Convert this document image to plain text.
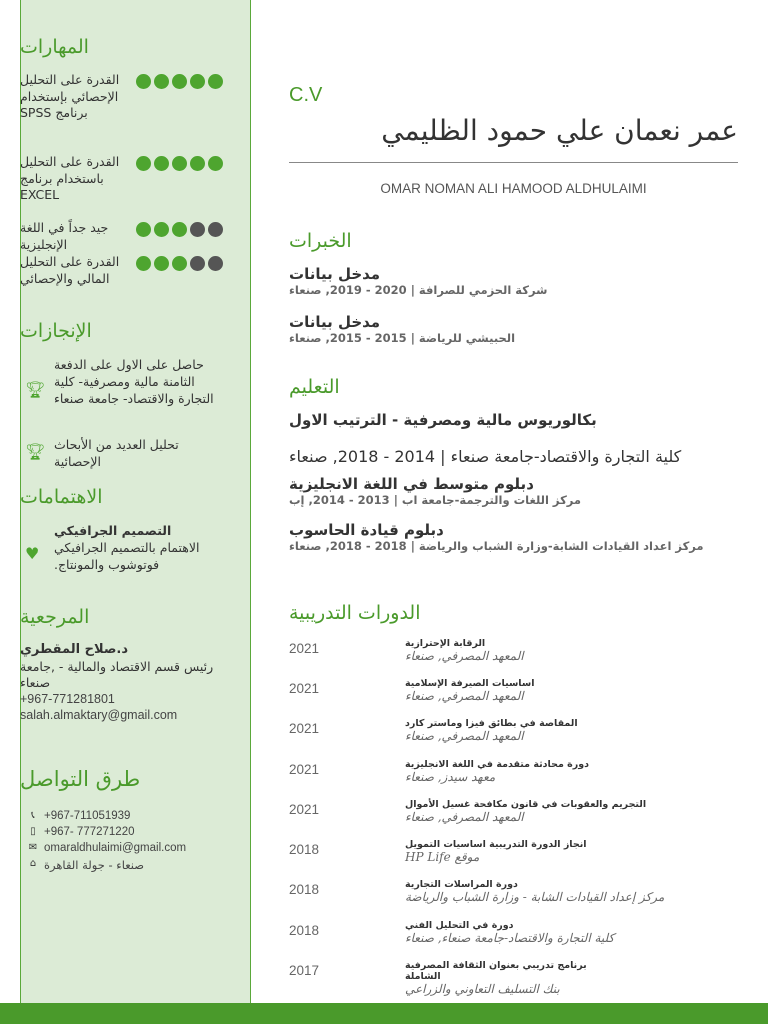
المهارات
القدرة على التحليل الإحصائي بإستخدام برنامج SPSS
القدرة على التحليل باستخدام برنامج EXCEL
جيد جداً في اللغة الإنجليزية
القدرة على التحليل المالي والإحصائي
الإنجازات
🏆︎
حاصل على الاول على الدفعة الثامنة مالية ومصرفية- كلية التجارة والاقتصاد- جامعة صنعاء
🏆︎ تحليل العديد من الأبحاث الإحصائية
الاهتمامات
♥
التصميم الجرافيكي
الاهتمام بالتصميم الجرافيكي فوتوشوب والمونتاج.
المرجعية
د.صلاح المقطري
رئيس قسم الاقتصاد والمالية - ,جامعة صنعاء
+967-771281801
salah.almaktary@gmail.com
طرق التواصل
📞︎ +967-711051939
▯ +967- 777271220
✉ omaraldhulaimi@gmail.com
⌂ صنعاء - جولة القاهرة
C.V
عمر نعمان علي حمود الظليمي
OMAR NOMAN ALI HAMOOD ALDHULAIMI
الخبرات
مدخل بيانات
شركة الحزمي للصرافة | 2020 - 2019, صنعاء
مدخل بيانات
الحبيشي للرياضة | 2015 - 2015, صنعاء
التعليم
بكالوريوس مالية ومصرفية - الترتيب الاول
كلية التجارة والاقتصاد-جامعة صنعاء | 2014 - 2018, صنعاء
دبلوم متوسط في اللغة الانجليزية
مركز اللغات والترجمة-جامعة اب | 2013 - 2014, إب
دبلوم قيادة الحاسوب
مركز اعداد القيادات الشابة-وزارة الشباب والرياضة | 2018 - 2018, صنعاء
الدورات التدريبية
2021	الرقابة الإحترازية
المعهد المصرفي, صنعاء
2021	اساسيات الصيرفة الإسلامية
المعهد المصرفي, صنعاء
2021	المقاصة في بطائق فيزا وماستر كارد
المعهد المصرفي, صنعاء
2021	دورة محادثة متقدمة في اللغة الانجليزية
معهد سيدز, صنعاء
2021	التجريم والعقوبات في قانون مكافحة غسيل الأموال
المعهد المصرفي, صنعاء
2018	انجاز الدورة التدريبية اساسيات التمويل
موقع HP Life
2018	دورة المراسلات التجارية
مركز إعداد القيادات الشابة - وزارة الشباب والرياضة
2018	دورة في التحليل الفني
كلية التجارة والاقتصاد-جامعة صنعاء, صنعاء
2017	برنامج تدريبي بعنوان الثقافة المصرفية الشاملة
بنك التسليف التعاوني والزراعي
